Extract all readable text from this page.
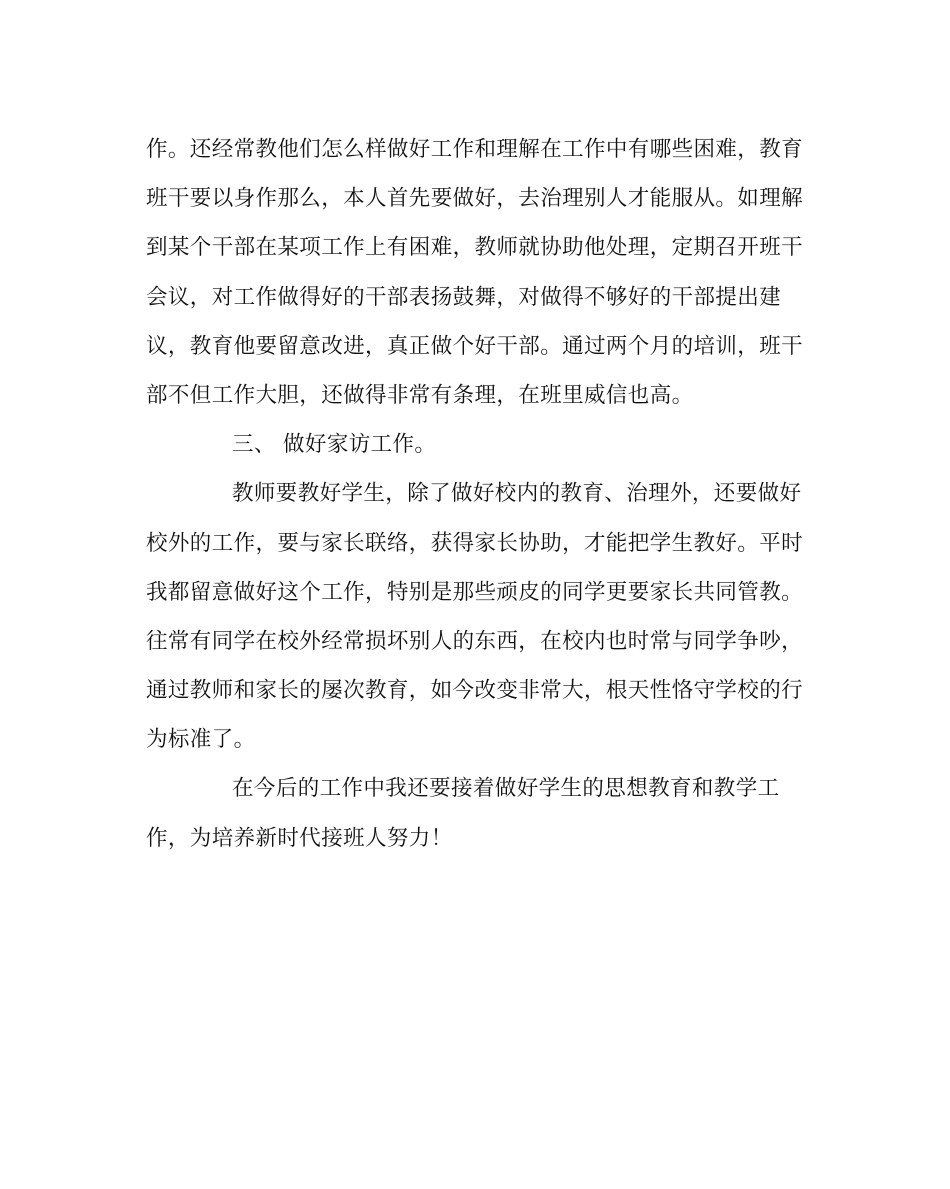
作。还经常教他们怎么样做好工作和理解在工作中有哪些困难，教育
班干要以身作那么，本人首先要做好，去治理别人才能服从。如理解
到某个干部在某项工作上有困难，教师就协助他处理，定期召开班干
会议，对工作做得好的干部表扬鼓舞，对做得不够好的干部提出建
议，教育他要留意改进，真正做个好干部。通过两个月的培训，班干
部不但工作大胆，还做得非常有条理，在班里威信也高。
三、 做好家访工作。
教师要教好学生，除了做好校内的教育、治理外，还要做好
校外的工作，要与家长联络，获得家长协助，才能把学生教好。平时
我都留意做好这个工作，特别是那些顽皮的同学更要家长共同管教。
往常有同学在校外经常损坏别人的东西，在校内也时常与同学争吵，
通过教师和家长的屡次教育，如今改变非常大，根天性恪守学校的行
为标准了。
在今后的工作中我还要接着做好学生的思想教育和教学工
作，为培养新时代接班人努力！
